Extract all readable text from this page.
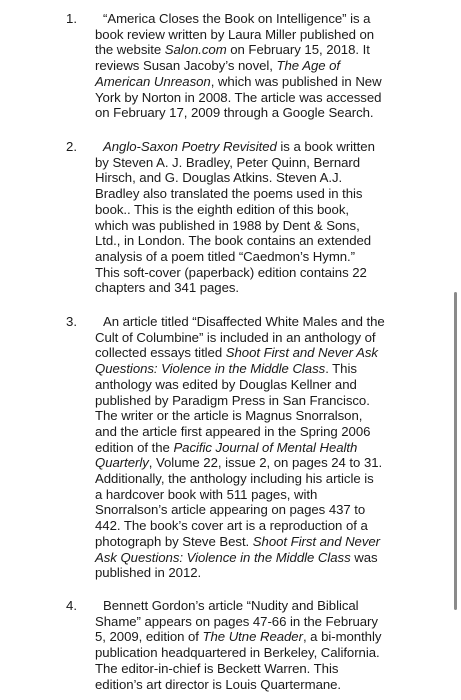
1.	“America Closes the Book on Intelligence” is a
book review written by Laura Miller published on
the website Salon.com on February 15, 2018. It
reviews Susan Jacoby’s novel, The Age of
American Unreason, which was published in New
York by Norton in 2008. The article was accessed
on February 17, 2009 through a Google Search.
2.	Anglo-Saxon Poetry Revisited is a book written
by Steven A. J. Bradley, Peter Quinn, Bernard
Hirsch, and G. Douglas Atkins. Steven A.J.
Bradley also translated the poems used in this
book.. This is the eighth edition of this book,
which was published in 1988 by Dent & Sons,
Ltd., in London. The book contains an extended
analysis of a poem titled “Caedmon’s Hymn.”
This soft-cover (paperback) edition contains 22
chapters and 341 pages.
3.	An article titled “Disaffected White Males and the
Cult of Columbine” is included in an anthology of
collected essays titled Shoot First and Never Ask
Questions: Violence in the Middle Class. This
anthology was edited by Douglas Kellner and
published by Paradigm Press in San Francisco.
The writer or the article is Magnus Snorralson,
and the article first appeared in the Spring 2006
edition of the Pacific Journal of Mental Health
Quarterly, Volume 22, issue 2, on pages 24 to 31.
Additionally, the anthology including his article is
a hardcover book with 511 pages, with
Snorralson’s article appearing on pages 437 to
442. The book’s cover art is a reproduction of a
photograph by Steve Best. Shoot First and Never
Ask Questions: Violence in the Middle Class was
published in 2012.
4.	Bennett Gordon’s article “Nudity and Biblical
Shame” appears on pages 47-66 in the February
5, 2009, edition of The Utne Reader, a bi-monthly
publication headquartered in Berkeley, California.
The editor-in-chief is Beckett Warren. This
edition’s art director is Louis Quartermane.
